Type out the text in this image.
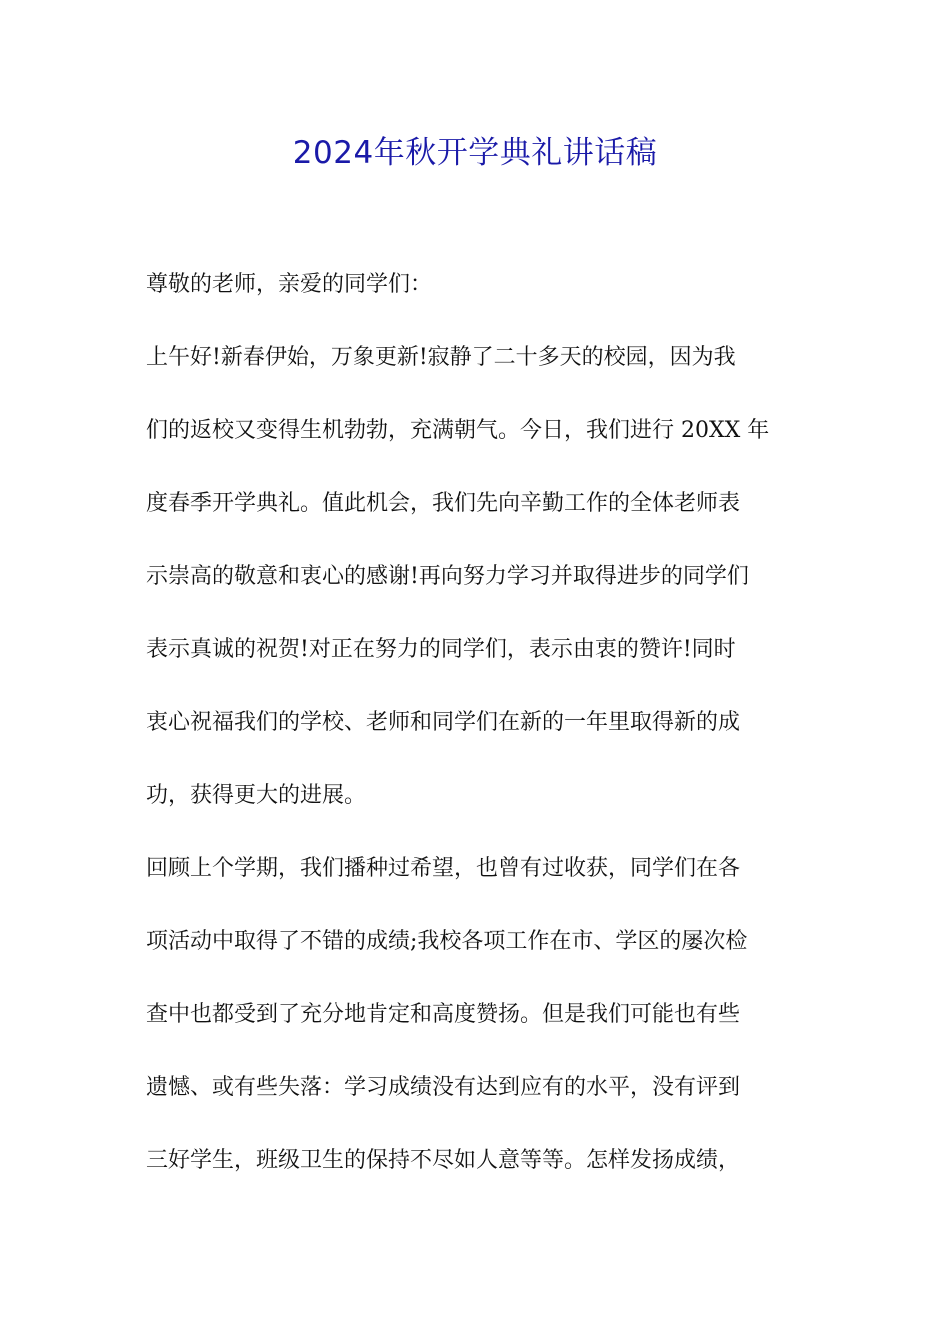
2024年秋开学典礼讲话稿
尊敬的老师，亲爱的同学们：
上午好!新春伊始，万象更新!寂静了二十多天的校园，因为我
们的返校又变得生机勃勃，充满朝气。今日，我们进行 20XX 年
度春季开学典礼。值此机会，我们先向辛勤工作的全体老师表
示崇高的敬意和衷心的感谢!再向努力学习并取得进步的同学们
表示真诚的祝贺!对正在努力的同学们，表示由衷的赞许!同时
衷心祝福我们的学校、老师和同学们在新的一年里取得新的成
功，获得更大的进展。
回顾上个学期，我们播种过希望，也曾有过收获，同学们在各
项活动中取得了不错的成绩;我校各项工作在市、学区的屡次检
查中也都受到了充分地肯定和高度赞扬。但是我们可能也有些
遗憾、或有些失落：学习成绩没有达到应有的水平，没有评到
三好学生，班级卫生的保持不尽如人意等等。怎样发扬成绩，
